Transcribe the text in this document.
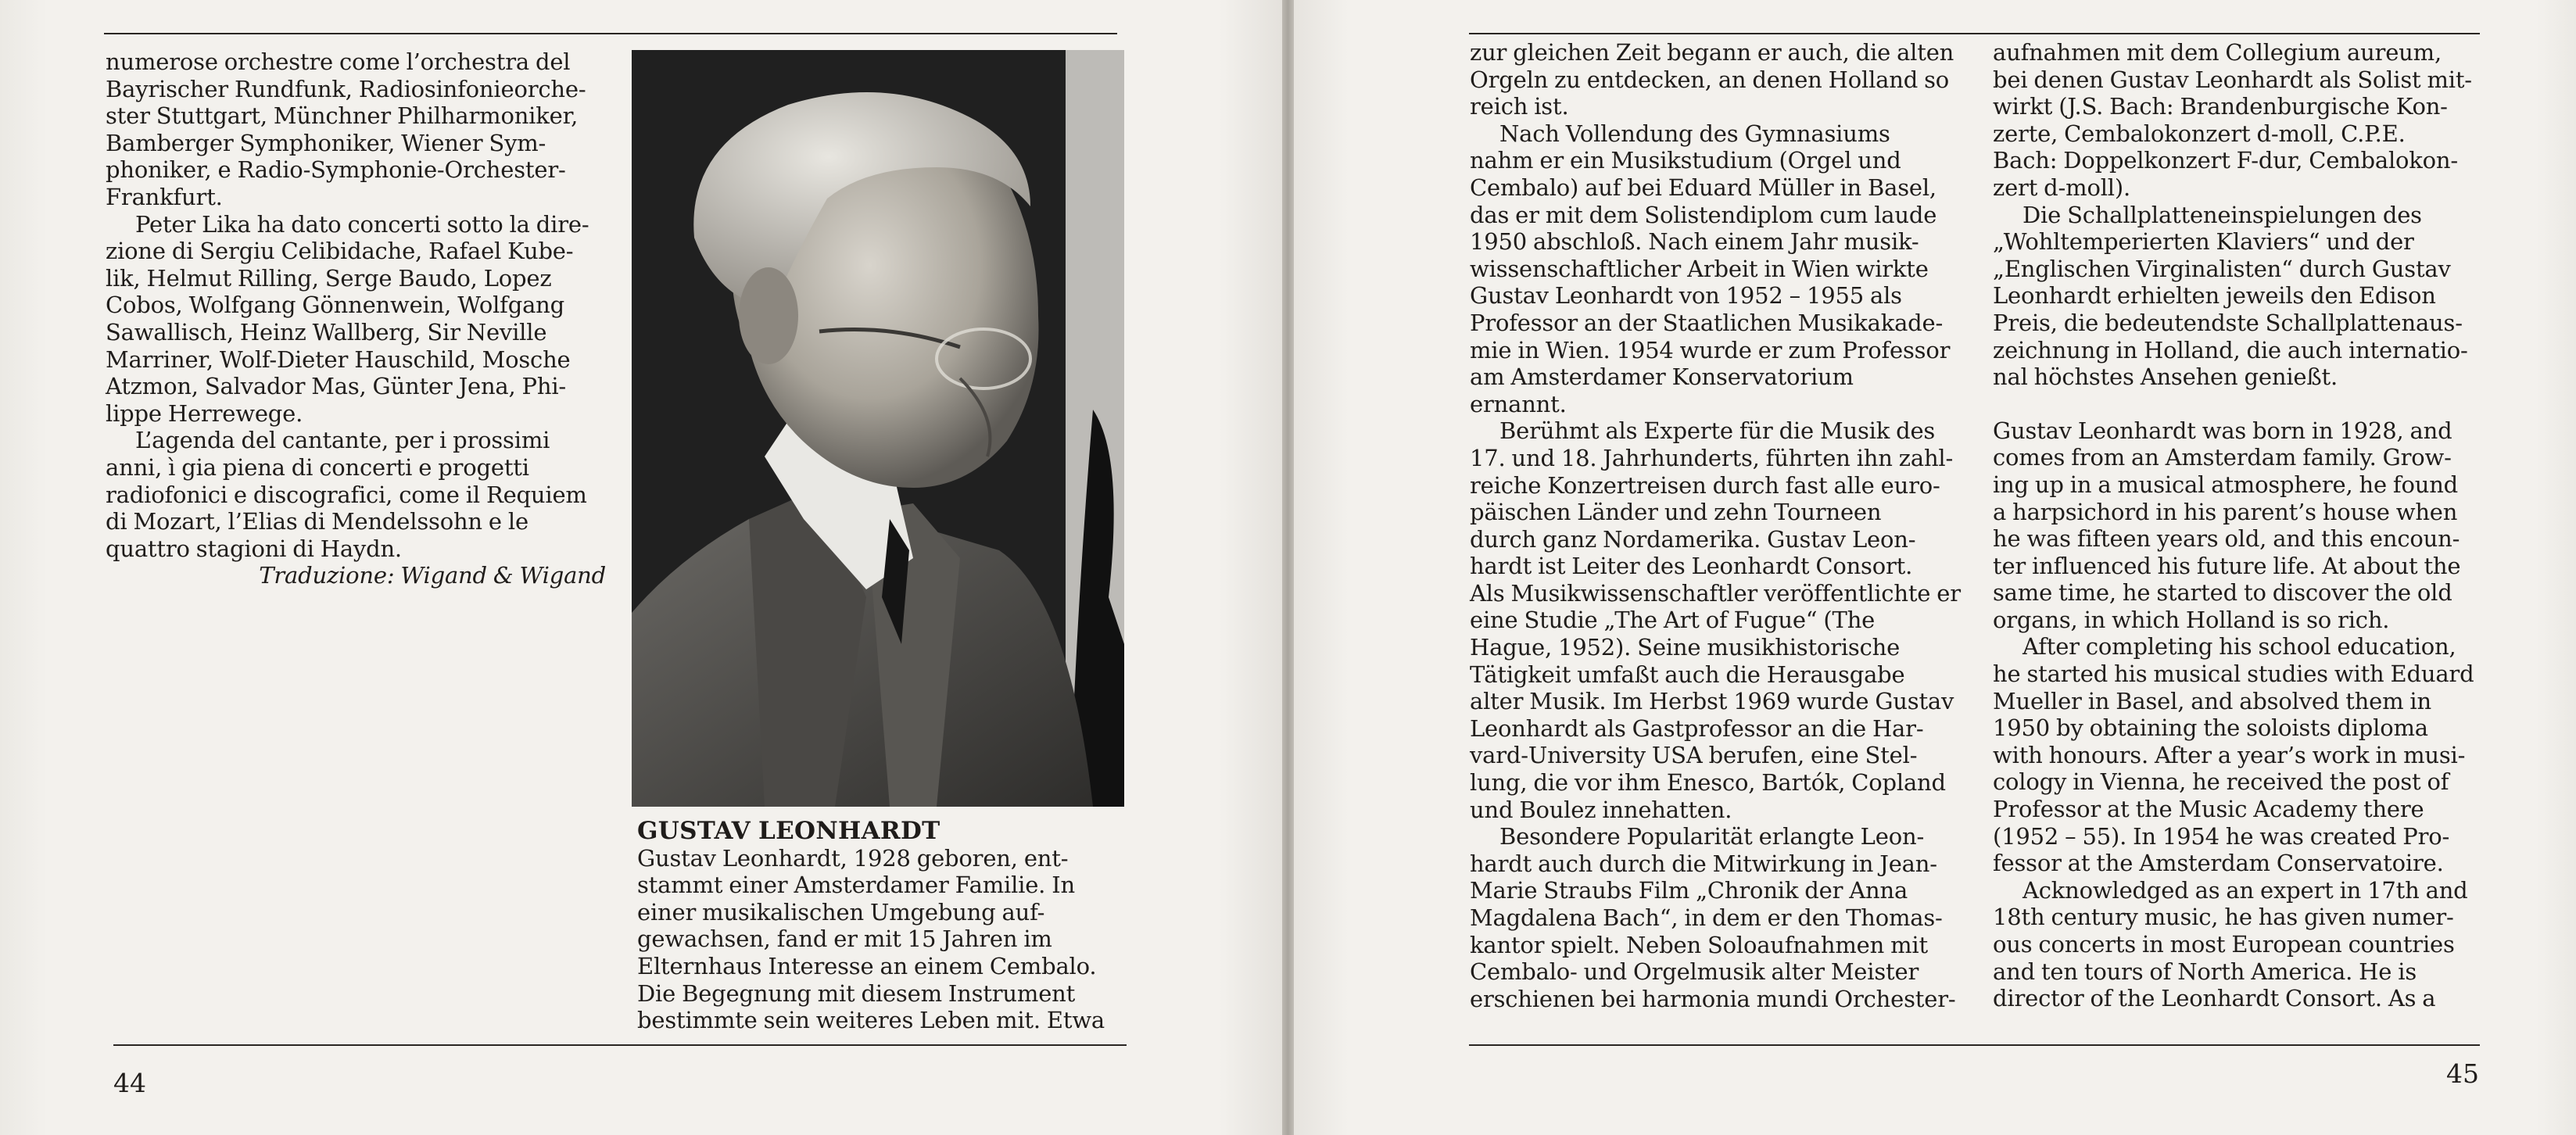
numerose orchestre come l’orchestra del

Bayrischer Rundfunk, Radiosinfonieorche-

ster Stuttgart, Münchner Philharmoniker,

Bamberger Symphoniker, Wiener Sym-

phoniker, e Radio-Symphonie-Orchester-

Frankfurt.

Peter Lika ha dato concerti sotto la dire-

zione di Sergiu Celibidache, Rafael Kube-

lik, Helmut Rilling, Serge Baudo, Lopez

Cobos, Wolfgang Gönnenwein, Wolfgang

Sawallisch, Heinz Wallberg, Sir Neville

Marriner, Wolf-Dieter Hauschild, Mosche

Atzmon, Salvador Mas, Günter Jena, Phi-

lippe Herrewege.

L’agenda del cantante, per i prossimi

anni, ì gia piena di concerti e progetti

radiofonici e discografici, come il Requiem

di Mozart, l’Elias di Mendelssohn e le

quattro stagioni di Haydn.

Traduzione: Wigand & Wigand

GUSTAV LEONHARDT

Gustav Leonhardt, 1928 geboren, ent-

stammt einer Amsterdamer Familie. In

einer musikalischen Umgebung auf-

gewachsen, fand er mit 15 Jahren im

Elternhaus Interesse an einem Cembalo.

Die Begegnung mit diesem Instrument

bestimmte sein weiteres Leben mit. Etwa

44

zur gleichen Zeit begann er auch, die alten

Orgeln zu entdecken, an denen Holland so

reich ist.

Nach Vollendung des Gymnasiums

nahm er ein Musikstudium (Orgel und

Cembalo) auf bei Eduard Müller in Basel,

das er mit dem Solistendiplom cum laude

1950 abschloß. Nach einem Jahr musik-

wissenschaftlicher Arbeit in Wien wirkte

Gustav Leonhardt von 1952 – 1955 als

Professor an der Staatlichen Musikakade-

mie in Wien. 1954 wurde er zum Professor

am Amsterdamer Konservatorium

ernannt.

Berühmt als Experte für die Musik des

17. und 18. Jahrhunderts, führten ihn zahl-

reiche Konzertreisen durch fast alle euro-

päischen Länder und zehn Tourneen

durch ganz Nordamerika. Gustav Leon-

hardt ist Leiter des Leonhardt Consort.

Als Musikwissenschaftler veröffentlichte er

eine Studie „The Art of Fugue“ (The

Hague, 1952). Seine musikhistorische

Tätigkeit umfaßt auch die Herausgabe

alter Musik. Im Herbst 1969 wurde Gustav

Leonhardt als Gastprofessor an die Har-

vard-University USA berufen, eine Stel-

lung, die vor ihm Enesco, Bartók, Copland

und Boulez innehatten.

Besondere Popularität erlangte Leon-

hardt auch durch die Mitwirkung in Jean-

Marie Straubs Film „Chronik der Anna

Magdalena Bach“, in dem er den Thomas-

kantor spielt. Neben Soloaufnahmen mit

Cembalo- und Orgelmusik alter Meister

erschienen bei harmonia mundi Orchester-

aufnahmen mit dem Collegium aureum,

bei denen Gustav Leonhardt als Solist mit-

wirkt (J.S. Bach: Brandenburgische Kon-

zerte, Cembalokonzert d-moll, C.P.E.

Bach: Doppelkonzert F-dur, Cembalokon-

zert d-moll).

Die Schallplatteneinspielungen des

„Wohltemperierten Klaviers“ und der

„Englischen Virginalisten“ durch Gustav

Leonhardt erhielten jeweils den Edison

Preis, die bedeutendste Schallplattenaus-

zeichnung in Holland, die auch internatio-

nal höchstes Ansehen genießt.

Gustav Leonhardt was born in 1928, and

comes from an Amsterdam family. Grow-

ing up in a musical atmosphere, he found

a harpsichord in his parent’s house when

he was fifteen years old, and this encoun-

ter influenced his future life. At about the

same time, he started to discover the old

organs, in which Holland is so rich.

After completing his school education,

he started his musical studies with Eduard

Mueller in Basel, and absolved them in

1950 by obtaining the soloists diploma

with honours. After a year’s work in musi-

cology in Vienna, he received the post of

Professor at the Music Academy there

(1952 – 55). In 1954 he was created Pro-

fessor at the Amsterdam Conservatoire.

Acknowledged as an expert in 17th and

18th century music, he has given numer-

ous concerts in most European countries

and ten tours of North America. He is

director of the Leonhardt Consort. As a

45
